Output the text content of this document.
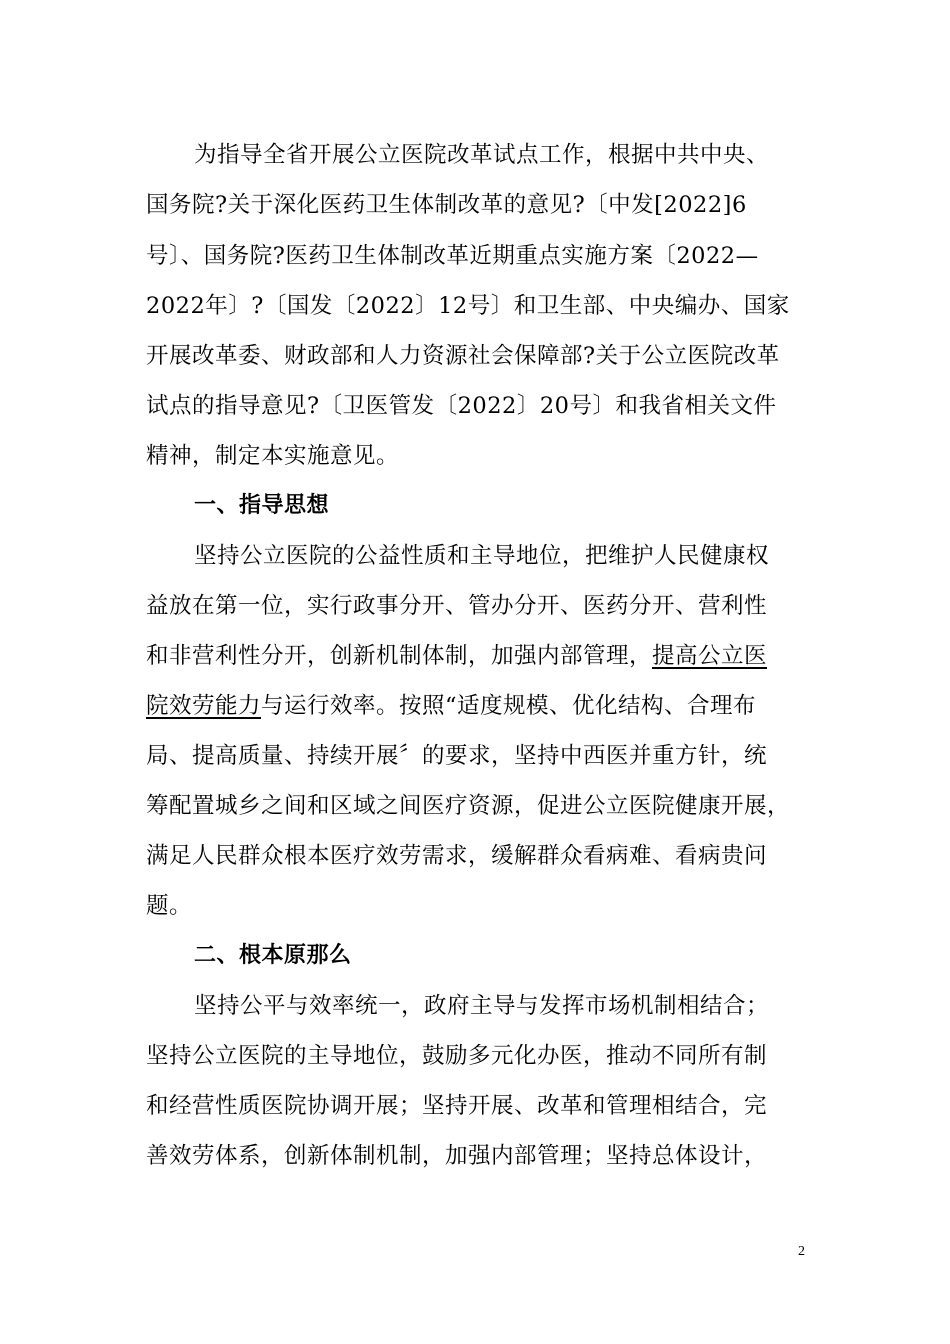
为指导全省开展公立医院改革试点工作，根据中共中央、
国务院?关于深化医药卫生体制改革的意见?〔中发[2022]6
号〕、国务院?医药卫生体制改革近期重点实施方案〔2022—
2022年〕?〔国发〔2022〕12号〕和卫生部、中央编办、国家
开展改革委、财政部和人力资源社会保障部?关于公立医院改革
试点的指导意见?〔卫医管发〔2022〕20号〕和我省相关文件
精神，制定本实施意见。
一、指导思想
坚持公立医院的公益性质和主导地位，把维护人民健康权
益放在第一位，实行政事分开、管办分开、医药分开、营利性
和非营利性分开，创新机制体制，加强内部管理，提高公立医
院效劳能力与运行效率。按照“适度规模、优化结构、合理布
局、提高质量、持续开展〞的要求，坚持中西医并重方针，统
筹配置城乡之间和区域之间医疗资源，促进公立医院健康开展，
满足人民群众根本医疗效劳需求，缓解群众看病难、看病贵问
题。
二、根本原那么
坚持公平与效率统一，政府主导与发挥市场机制相结合；
坚持公立医院的主导地位，鼓励多元化办医，推动不同所有制
和经营性质医院协调开展；坚持开展、改革和管理相结合，完
善效劳体系，创新体制机制，加强内部管理；坚持总体设计，
2
